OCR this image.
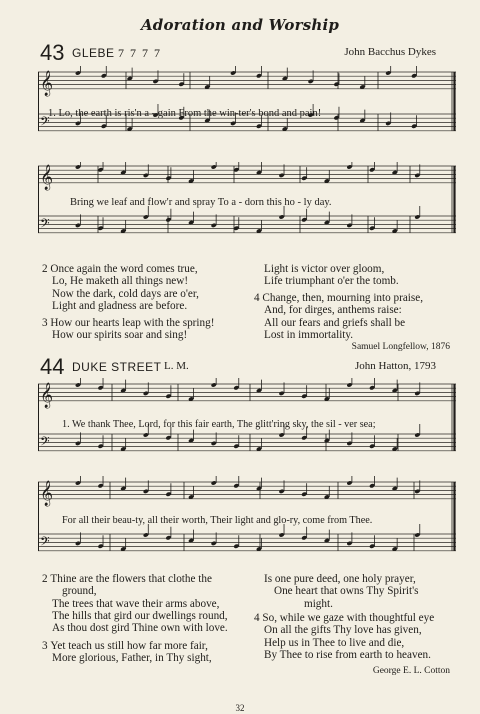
Adoration and Worship
43 GLEBE 7 7 7 7	John Bacchus Dykes
𝄞
𝄢
1. Lo, the earth is ris'n a - gain From the win-ter's bond and pain!
𝄞
𝄢
Bring we leaf and flow'r and spray To a - dorn this ho - ly day.
2 Once again the word comes true,
Lo, He maketh all things new!
Now the dark, cold days are o'er,
Light and gladness are before.
3 How our hearts leap with the spring!
How our spirits soar and sing!
Light is victor over gloom,
Life triumphant o'er the tomb.
4 Change, then, mourning into praise,
And, for dirges, anthems raise:
All our fears and griefs shall be
Lost in immortality.
Samuel Longfellow, 1876
44 DUKE STREET L. M.	John Hatton, 1793
𝄞
𝄢
1. We thank Thee, Lord, for this fair earth, The glitt'ring sky, the sil - ver sea;
𝄞
𝄢
For all their beau-ty, all their worth, Their light and glo-ry, come from Thee.
2 Thine are the flowers that clothe the
ground,
The trees that wave their arms above,
The hills that gird our dwellings round,
As thou dost gird Thine own with love.
3 Yet teach us still how far more fair,
More glorious, Father, in Thy sight,
Is one pure deed, one holy prayer,
One heart that owns Thy Spirit's
might.
4 So, while we gaze with thoughtful eye
On all the gifts Thy love has given,
Help us in Thee to live and die,
By Thee to rise from earth to heaven.
George E. L. Cotton
32
